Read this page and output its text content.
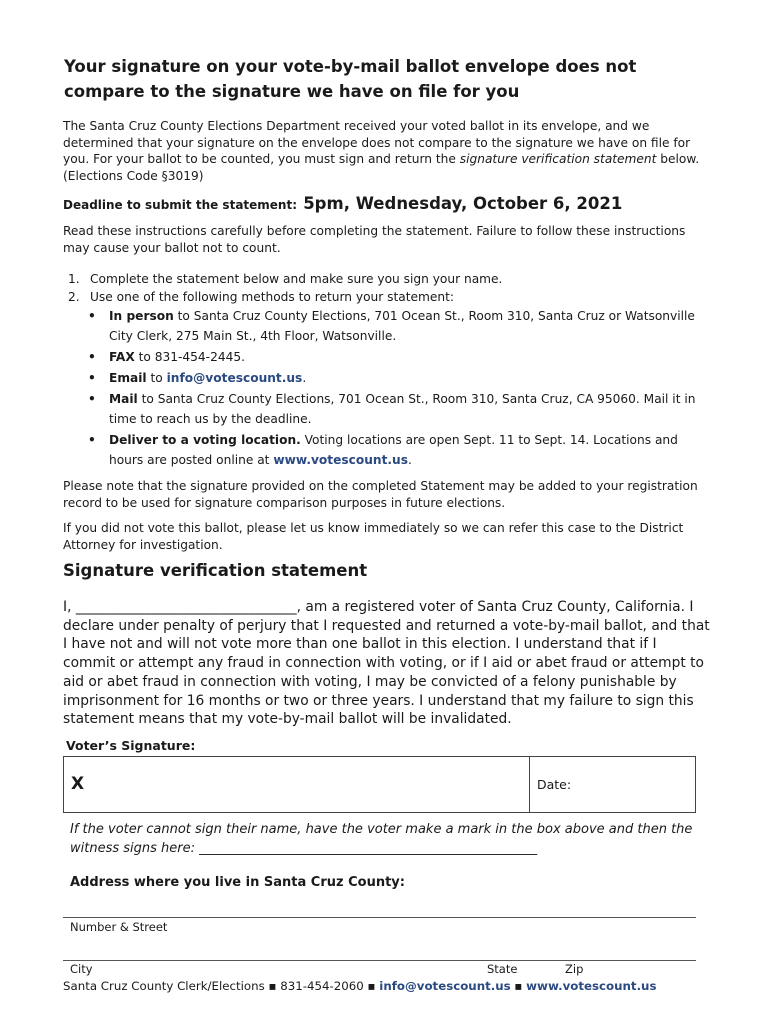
Your signature on your vote-by-mail ballot envelope does not compare to the signature we have on file for you
The Santa Cruz County Elections Department received your voted ballot in its envelope, and we determined that your signature on the envelope does not compare to the signature we have on file for you. For your ballot to be counted, you must sign and return the signature verification statement below. (Elections Code §3019)
Deadline to submit the statement: 5pm, Wednesday, October 6, 2021
Read these instructions carefully before completing the statement. Failure to follow these instructions may cause your ballot not to count.
1. Complete the statement below and make sure you sign your name.
2. Use one of the following methods to return your statement:
• In person to Santa Cruz County Elections, 701 Ocean St., Room 310, Santa Cruz or Watsonville City Clerk, 275 Main St., 4th Floor, Watsonville.
• FAX to 831-454-2445.
• Email to info@votescount.us.
• Mail to Santa Cruz County Elections, 701 Ocean St., Room 310, Santa Cruz, CA 95060. Mail it in time to reach us by the deadline.
• Deliver to a voting location. Voting locations are open Sept. 11 to Sept. 14. Locations and hours are posted online at www.votescount.us.
Please note that the signature provided on the completed Statement may be added to your registration record to be used for signature comparison purposes in future elections.
If you did not vote this ballot, please let us know immediately so we can refer this case to the District Attorney for investigation.
Signature verification statement
I, ________________________________, am a registered voter of Santa Cruz County, California. I declare under penalty of perjury that I requested and returned a vote-by-mail ballot, and that I have not and will not vote more than one ballot in this election. I understand that if I commit or attempt any fraud in connection with voting, or if I aid or abet fraud or attempt to aid or abet fraud in connection with voting, I may be convicted of a felony punishable by imprisonment for 16 months or two or three years. I understand that my failure to sign this statement means that my vote-by-mail ballot will be invalidated.
Voter’s Signature:
X	Date:
If the voter cannot sign their name, have the voter make a mark in the box above and then the witness signs here: ____________________________________________________
Address where you live in Santa Cruz County:
Number & Street
City	State	Zip
Santa Cruz County Clerk/Elections ▪ 831-454-2060 ▪ info@votescount.us ▪ www.votescount.us
